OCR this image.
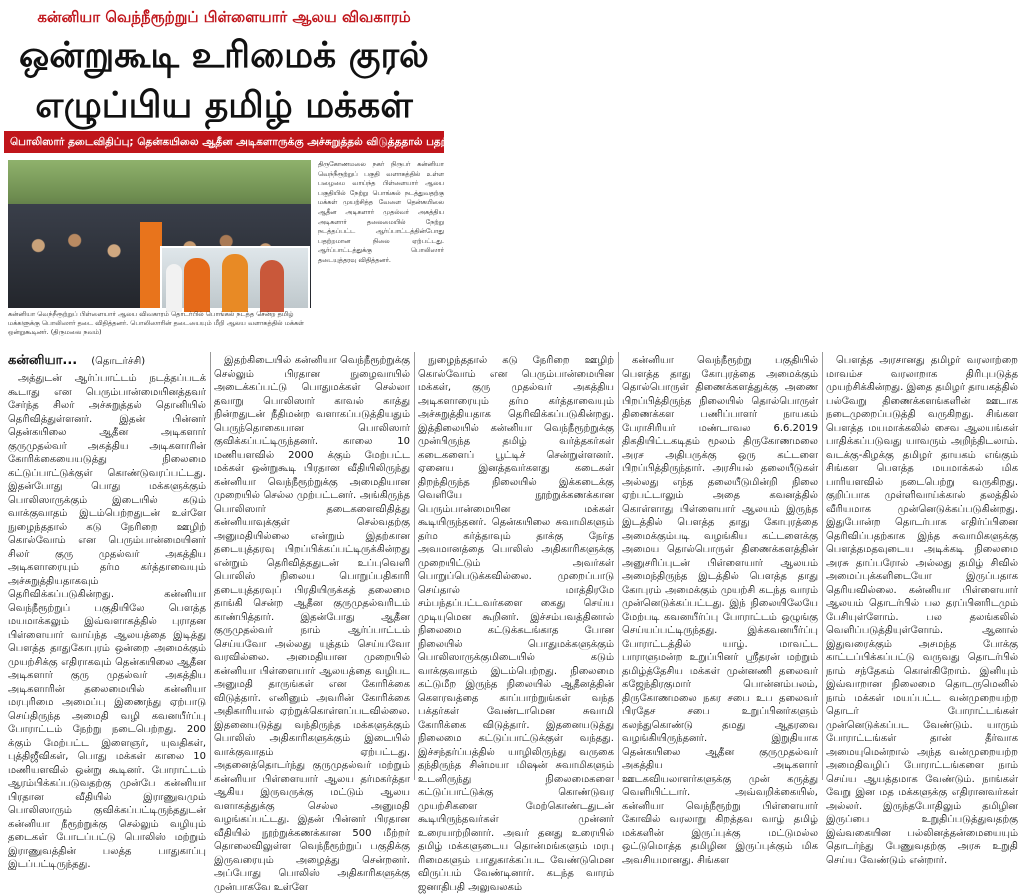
கன்னியா வெந்நீரூற்றுப் பிள்ளையார் ஆலய விவகாரம்
ஒன்றுகூடி உரிமைக் குரல்
எழுப்பிய தமிழ் மக்கள்
பொலிஸார் தடைவிதிப்பு; தென்கயிலை ஆதீன அடிகளாருக்கு அச்சுறுத்தல் விடுத்ததால் பதற்றம்
கன்னியா வெந்நீரூற்றுப் பிள்ளையார் ஆலய விவகாரம் தொடர்பில் பொங்கல் நடத்த சென்ற தமிழ் மக்களுக்கு பொலிஸார் தடை விதித்தனர். பொலிஸாரின் தடையையும் மீறி ஆலய வளாகத்தில் மக்கள் ஒன்றுகூடினர். (திருமலை நவம்)
திருகோணமலை நகர் நிருபர் கன்னியா வெந்நீரூற்றுப் பகுதி வளாகத்தில் உள்ள பழைமை வாய்ந்த பிள்ளையார் ஆலய பகுதியில் நேற்று பொங்கல் நடத்துவதற்கு மக்கள் முயற்சித்த வேளை தென்கயிலை ஆதீன அடிகளார் முதல்வர் அகத்திய அடிகளார் தலைமையில் நேற்று நடத்தப்பட்ட ஆர்ப்பாட்டத்தின்போது பதற்றமான நிலை ஏற்பட்டது. ஆர்ப்பாட்டத்துக்கு பொலிஸார் தடையுத்தரவு விதித்தனர்.
கன்னியா... (தொடர்ச்சி)

அத்துடன் ஆர்ப்பாட்டம் நடத்தப்படக் கூடாது என பெரும்பான்மையினத்தவர் சேர்ந்த சிலர் அச்சுறுத்தல் தொனியில் தெரிவித்துள்ளனர். இதன் பின்னர் தென்கயிலை ஆதீன அடிகளார் குருமுதல்வர் அகத்திய அடிகளாரின் கோரிக்கையையடுத்து நிலைமை கட்டுப்பாட்டுக்குள் கொண்டுவரப்பட்டது. இதன்போது பொது மக்களுக்கும் பொலிஸாருக்கும் இடையில் கடும் வாக்குவாதம் இடம்பெற்றதுடன் உள்ளே நுழைந்ததால் கடு நேரிறை ஊழிற் கொல்வோம் என பெரும்பான்மையினர் சிலர் குரு முதல்வர் அகத்திய அடிகளாரையும் தர்ம கர்த்தாவையும் அச்சுறுத்தியதாகவும் தெரிவிக்கப்படுகின்றது. கன்னியா வெந்நீரூற்றுப் பகுதியிலே பௌத்த மயமாக்கலும் இவ்வளாகத்தில் புராதன பிள்ளையார் வாய்ந்த ஆலயத்தை இடித்து பௌத்த தாதுகோபுரம் ஒன்றை அமைக்கும் முயற்சிக்கு எதிராகவும் தென்கயிலை ஆதீன அடிகளார் குரு முதல்வர் அகத்திய அடிகளாரின் தலைமையில் கன்னியா மரபுரிமை அமைப்பு இணைந்து ஏற்பாடு செய்திருந்த அமைதி வழி கவனயீர்ப்பு போராட்டம் நேற்று நடைபெற்றது. 200 க்கும் மேற்பட்ட இளைஞர், யுவதிகள், புத்திஜீவிகள், பொது மக்கள் காலை 10 மணியளவில் ஒன்று கூடினர். போராட்டம் ஆரம்பிக்கப்படுவதற்கு முன்பே கன்னியா பிரதான வீதியில் இராணுவமும் பொலிஸாரும் குவிக்கப்பட்டிருந்ததுடன் கன்னியா நீரூற்றுக்கு செல்லும் வழியும் தடைகள் போடப்பட்டு பொலிஸ் மற்றும் இராணுவத்தின் பலத்த பாதுகாப்பு இடப்பட்டிருந்தது.

இதற்கிடையில் கன்னியா வெந்நீரூற்றுக்கு செல்லும் பிரதான நுழைவாயில் அடைக்கப்பட்டு பொதுமக்கள் செல்லா தவாறு பொலிஸார் காவல் காத்து நின்றதுடன் நீதிமன்ற வளாகப்படுத்தியதும் பெருந்தொகையான பொலிஸார் குவிக்கப்பட்டிருந்தனர். காலை 10 மணியளவில் 2000 க்கும் மேற்பட்ட மக்கள் ஒன்றுகூடி பிரதான வீதியிலிருந்து கன்னியா வெந்நீரூற்றுக்கு அமைதியான முறையில் செல்ல முற்பட்டனர். அங்கிருந்த பொலிஸார் தடைகளைவிதித்து கன்னியாவுக்குள் செல்வதற்கு அனுமதியில்லை என்றும் இதற்கான தடையுத்தரவு பிறப்பிக்கப்பட்டிருக்கின்றது என்றும் தெரிவித்ததுடன் உப்புவெளி பொலிஸ் நிலைய பொறுப்பதிகாரி தடையுத்தரவுப் பிரதியிருக்கத் தலைமை தாங்கி சென்ற ஆதீன குருமுதல்வரிடம் காண்பித்தார். இதன்போது ஆதீன குருமுதல்வர் நாம் ஆர்ப்பாட்டம் செய்யவோ அல்லது யுத்தம் செய்யவோ வரவில்லை. அமைதியான முறையில் கன்னியா பிள்ளையார் ஆலயத்தை வழிபட அனுமதி தாருங்கள் என கோரிக்கை விடுத்தார். எனினும் அவரின் கோரிக்கை அதிகாரியால் ஏற்றுக்கொள்ளப்படவில்லை. இதனையடுத்து வந்திருந்த மக்களுக்கும் பொலிஸ் அதிகாரிகளுக்கும் இடையில் வாக்குவாதம் ஏற்பட்டது. அதனைத்தொடர்ந்து குருமுதல்வர் மற்றும் கன்னியா பிள்ளையார் ஆலய தர்மகர்த்தா ஆகிய இருவருக்கு மட்டும் ஆலய வளாகத்துக்கு செல்ல அனுமதி வழங்கப்பட்டது. இதன் பின்னர் பிரதான வீதியில் நூற்றுக்கணக்கான 500 மீற்றர் தொலைவிலுள்ள வெந்நீரூற்றுப் பகுதிக்கு இருவரையும் அழைத்து சென்றனர். அப்போது பொலிஸ் அதிகாரிகளுக்கு முன்பாகவே உள்ளே

நுழைந்ததால் கடு நேரிறை ஊழிற் கொல்வோம் என பெரும்பான்மையின மக்கள், குரு முதல்வர் அகத்திய அடிகளாரையும் தர்ம கர்த்தாவையும் அச்சுறுத்தியதாக தெரிவிக்கப்படுகின்றது. இத்திலையில் கன்னியா வெந்நீரூற்றுக்கு முன்பிருந்த தமிழ் வர்த்தகர்கள் கடைகளைப் பூட்டிச் சென்றுள்ளனர். ஏனைய இனத்தவர்களது கடைகள் திறந்திருந்த நிலையில் இக்கடைக்கு வெளியே நூற்றுக்கணக்கான பெரும்பான்மையின மக்கள் கூடியிருந்தனர். தென்கயிலை சுவாமிகளும் தர்ம கர்த்தாவும் தாக்கு நேர்த அவமானத்தை பொலிஸ் அதிகாரிகளுக்கு முறையிட்டும் அவர்கள் பொறுப்பெடுக்கவில்லை. முறைப்பாடு செய்தால் மாத்திரமே சம்பந்தப்பட்டவர்களை கைது செய்ய முடியுமென கூறினர். இச்சம்பவத்தினால் நிலைமை கட்டுக்கடங்காத போன நிலையில் பொதுமக்களுக்கும் பொலிஸாருக்குமிடையில் கடும் வாக்குவாதம் இடம்பெற்றது. நிலைமை கட்டுமீற இருந்த நிலையில் ஆதீனத்தின் கௌரவத்தை காப்பாற்றுங்கள் வந்த பக்தர்கள் வேண்டாமென சுவாமி கோரிக்கை விடுத்தார். இதனையடுத்து நிலைமை கட்டுப்பாட்டுக்குள் வந்தது. இச்சந்தர்ப்பத்தில் யாழிலிருந்து வருகை தந்திருந்த சின்மயா மிஷன் சுவாமிகளும் உடனிருந்து நிலைமைகளை கட்டுப்பாட்டுக்கு கொண்டுவர முயற்சிகளை மேற்கொண்டதுடன் கூடியிருந்தவர்கள் முன்னர் உரையாற்றினார். அவர் தனது உரையில் தமிழ் மக்களுடைய தொன்மங்களும் மரபு ரிமைகளும் பாதுகாக்கப்பட வேண்டுமென விருப்பம் வேண்டினார். கடந்த வாரம் ஜனாதிபதி அலுவலகம்

கன்னியா வெந்நீரூற்று பகுதியில் பௌத்த தாது கோபுரத்தை அமைக்கும் தொல்பொருள் திணைக்களத்துக்கு அணை பிறப்பித்திருந்த நிலையில் தொல்பொருள் திணைக்கள பணிப்பாளர் நாயகம் பேராசிரியர் மண்டாவல 6.6.2019 திகதியிட்டகடிதம் மூலம் திருகோணமலை அரச அதிபருக்கு ஒரு கட்டளை பிறப்பித்திருந்தார். அரசியல் தலையீடுகள் அல்லது எந்த தலையீடுமின்றி நிலை ஏற்பட்டாலும் அதை கவனத்தில் கொள்ளாது பிள்ளையார் ஆலயம் இருந்த இடத்தில் பௌத்த தாது கோபுரத்தை அமைக்கும்படி வழங்கிய கட்டளைக்கு அமைய தொல்பொருள் திணைக்களத்தின் அனுசரிப்புடன் பிள்ளையார் ஆலயம் அமைந்திருந்த இடத்தில் பௌத்த தாது கோபுரம் அமைக்கும் முயற்சி கடந்த வாரம் முன்னெடுக்கப்பட்டது. இந் நிலையிலேயே மேற்படி கவனயீர்ப்பு போராட்டம் ஒழுங்கு செய்யப்பட்டிருந்தது. இக்கவனயீர்ப்பு போராட்டத்தில் யாழ். மாவட்ட பாராளுமன்ற உறுப்பினர் ஸ்ரீதரன் மற்றும் தமிழ்த்தேசிய மக்கள் முன்னணி தலைவர் கஜேந்திரகுமார் பொன்னம்பலம், திருகோணமலை நகர சபை உப தலைவர் பிரதேச சபை உறுப்பினர்களும் கலந்துகொண்டு தமது ஆதரவை வழங்கியிருந்தனர். இறுதியாக தென்கயிலை ஆதீன குருமுதல்வர் அகத்திய அடிகளார் ஊடகவியலாளர்களுக்கு முன் கருத்து வெளியிட்டார். அவ்வறிக்கையில், கன்னியா வெந்நீரூற்று பிள்ளையார் கோவில் வரலாறு கிறத்தவ வாழ் தமிழ் மக்களின் இருப்புக்கு மட்டுமல்ல ஒட்டுமொத்த தமிழின இருப்புக்கும் மிக அவசியமானது. சிங்கள

பௌத்த அரசானது தமிழர் வரலாற்றை மாவம்ச வரலாறாக திரிபுபடுத்த முயற்சிக்கின்றது. இதை தமிழர் தாயகத்தில் பல்வேறு திணைக்களங்களின் ஊடாக நடைமுறைப்படுத்தி வருகிறது. சிங்கள பௌத்த மயமாக்கலில் சைவ ஆலயங்கள் பாதிக்கப்படுவது யாவரும் அறிந்திடலாம். வடக்கு-கிழக்கு தமிழர் தாயகம் எங்கும் சிங்கள பௌத்த மயமாக்கல் மிக பாரியளவில் நடைபெற்று வருகிறது. குறிப்பாக முள்ளிவாய்க்கால் தலத்தில் வீரியமாக முன்னெடுக்கப்படுகின்றது. இதுபோன்ற தொடர்பாக எதிர்ப்பினை தெரிவிப்பதற்காக இந்த சுவாமிகளுக்கு பௌத்தமதவுடைய அடிக்கடி நிலைமை அரசு தாப்பரோல் அல்லது தமிழ் சிவில் அமைப்புக்களிடையோ இருப்பதாக தெரியவில்லை. கன்னியா பிள்ளையார் ஆலயம் தொடர்பில் பல தரப்பினரிடமும் பேசியுள்ளோம். பல தலங்கலில் வெளிப்படுத்தியுள்ளோம். ஆனால் இதுவரைக்கும் அசமந்த போக்கு காட்டப்பிக்கப்பட்டு வருவது தொடர்பில் நாம் சந்தேகம் கொள்கிறோம். இனியும் இவ்வாறான நிலைமை தொடருமெனில் நாம் மக்கள் மயப்பட்ட வன்முறையற்ற தொடர் போராட்டங்கள் முன்னெடுக்கப்பட வேண்டும். யாரும் போராட்டங்கள் தான் தீர்வாக அமையுமென்றால் அந்த வன்முறையற்ற அமைதிவழிப் போராட்டங்களை நாம் செய்ய ஆயத்தமாக வேண்டும். நாங்கள் வேறு இன மத மக்களுக்கு எதிரானவர்கள் அல்லர். இருந்தபோதிலும் தமிழின இருப்பை உறுதிப்படுத்துவதற்கு இவ்வகையின பல்லினத்தன்மையையும் தொடர்ந்து பேணுவதற்கு அரசு உறுதி செய்ய வேண்டும் என்றார்.
